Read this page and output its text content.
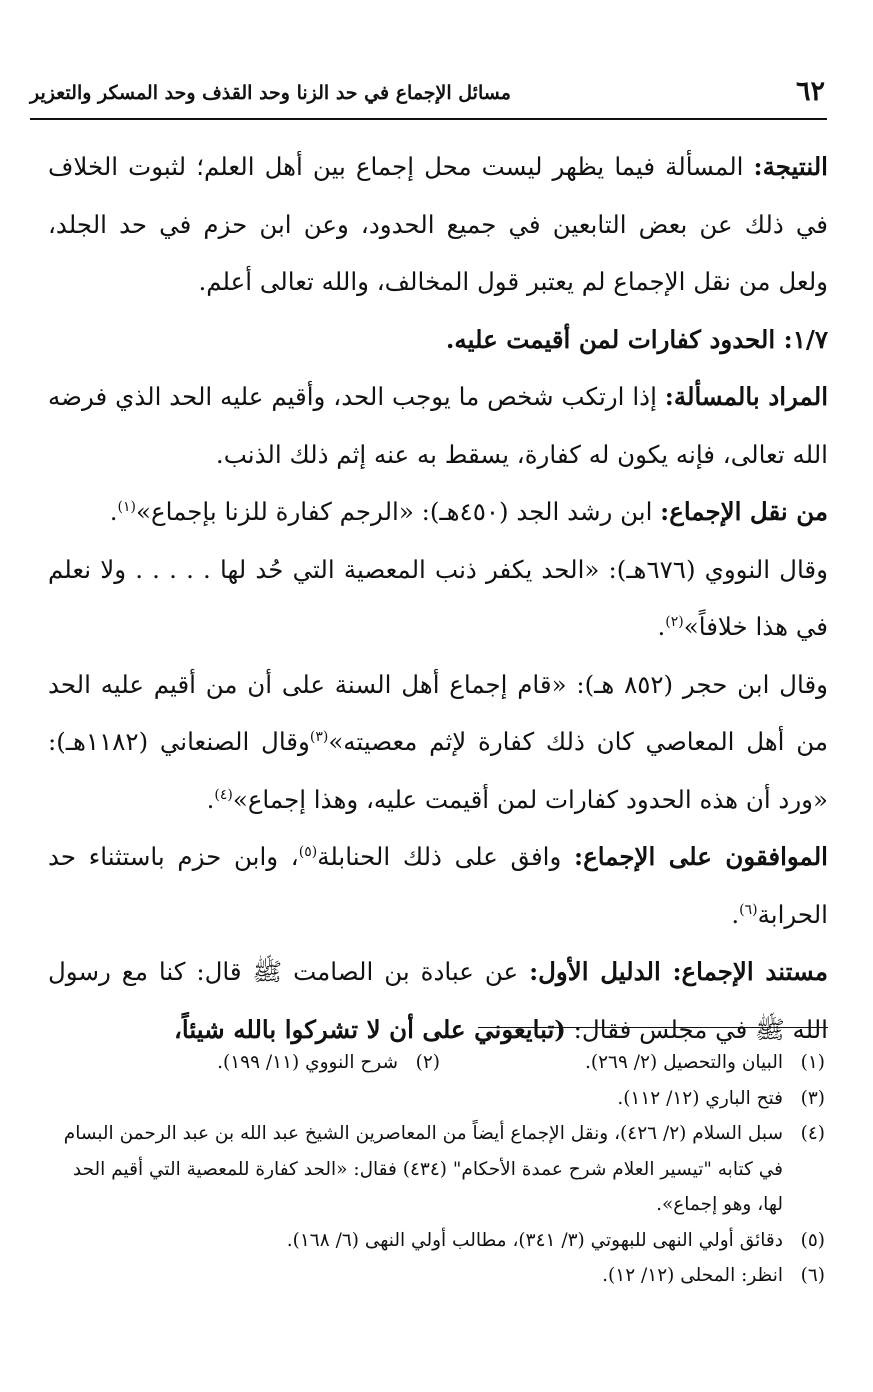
٦٢
مسائل الإجماع في حد الزنا وحد القذف وحد المسكر والتعزير

النتيجة: المسألة فيما يظهر ليست محل إجماع بين أهل العلم؛ لثبوت الخلاف في ذلك عن بعض التابعين في جميع الحدود، وعن ابن حزم في حد الجلد، ولعل من نقل الإجماع لم يعتبر قول المخالف، والله تعالى أعلم.

١/٧: الحدود كفارات لمن أقيمت عليه.

المراد بالمسألة: إذا ارتكب شخص ما يوجب الحد، وأقيم عليه الحد الذي فرضه الله تعالى، فإنه يكون له كفارة، يسقط به عنه إثم ذلك الذنب.

من نقل الإجماع: ابن رشد الجد (٤٥٠هـ): «الرجم كفارة للزنا بإجماع»$^{(١)}$.

وقال النووي (٦٧٦هـ): «الحد يكفر ذنب المعصية التي حُد لها . . . . . ولا نعلم في هذا خلافاً»$^{(٢)}$.

وقال ابن حجر (٨٥٢ هـ): «قام إجماع أهل السنة على أن من أقيم عليه الحد من أهل المعاصي كان ذلك كفارة لإثم معصيته»$^{(٣)}$وقال الصنعاني (١١٨٢هـ): «ورد أن هذه الحدود كفارات لمن أقيمت عليه، وهذا إجماع»$^{(٤)}$.

الموافقون على الإجماع: وافق على ذلك الحنابلة$^{(٥)}$، وابن حزم باستثناء حد الحرابة$^{(٦)}$.

مستند الإجماع: الدليل الأول: عن عبادة بن الصامت ﷺ قال: كنا مع رسول الله ﷺ في مجلس فقال: (تبايعوني على أن لا تشركوا بالله شيئاً،

(١)
البيان والتحصيل (٢/ ٢٦٩).
(٢)
شرح النووي (١١/ ١٩٩).
(٣)
فتح الباري (١٢/ ١١٢).
(٤)
سبل السلام (٢/ ٤٢٦)، ونقل الإجماع أيضاً من المعاصرين الشيخ عبد الله بن عبد الرحمن البسام في كتابه "تيسير العلام شرح عمدة الأحكام" (٤٣٤) فقال: «الحد كفارة للمعصية التي أقيم الحد لها، وهو إجماع».
(٥)
دقائق أولي النهى للبهوتي (٣/ ٣٤١)، مطالب أولي النهى (٦/ ١٦٨).
(٦)
انظر: المحلى (١٢/ ١٢).
